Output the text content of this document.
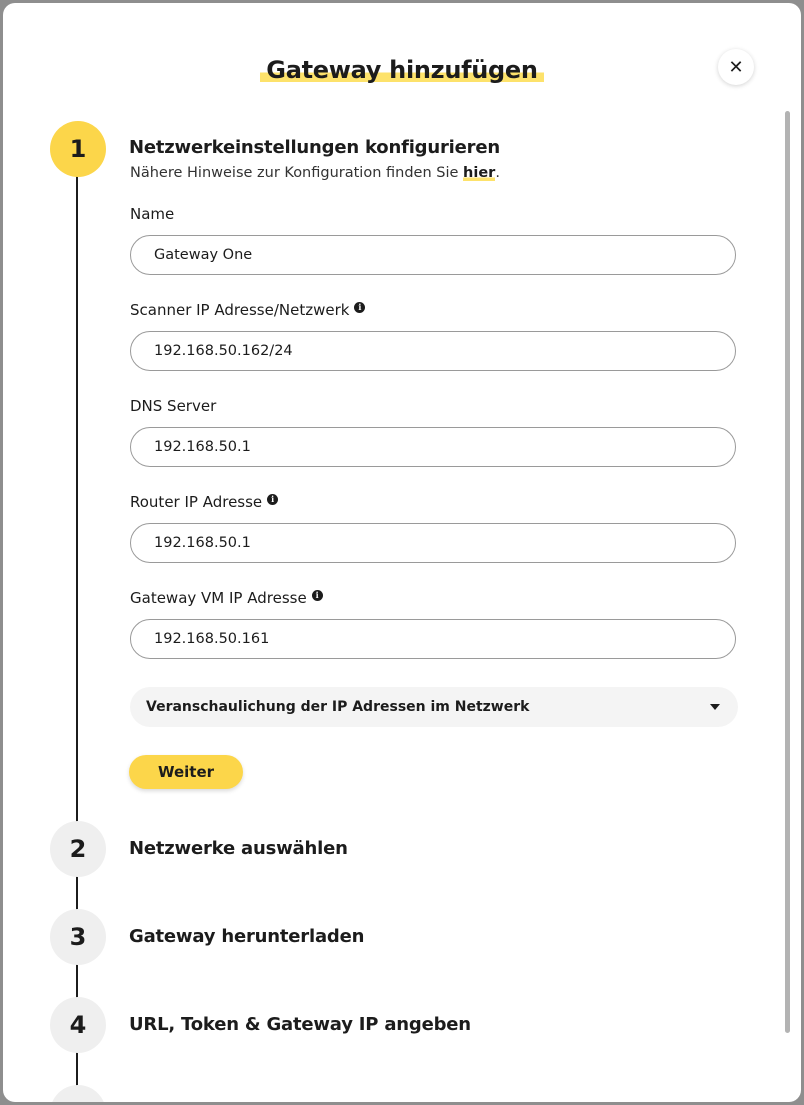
Gateway hinzufügen	✕
1	Netzwerkeinstellungen konfigurieren
Nähere Hinweise zur Konfiguration finden Sie hier.
Name
Gateway One
Scanner IP Adresse/Netzwerk	i
192.168.50.162/24
DNS Server
192.168.50.1
Router IP Adresse	i
192.168.50.1
Gateway VM IP Adresse	i
192.168.50.161
Veranschaulichung der IP Adressen im Netzwerk
Weiter
2	Netzwerke auswählen
3	Gateway herunterladen
4	URL, Token & Gateway IP angeben
